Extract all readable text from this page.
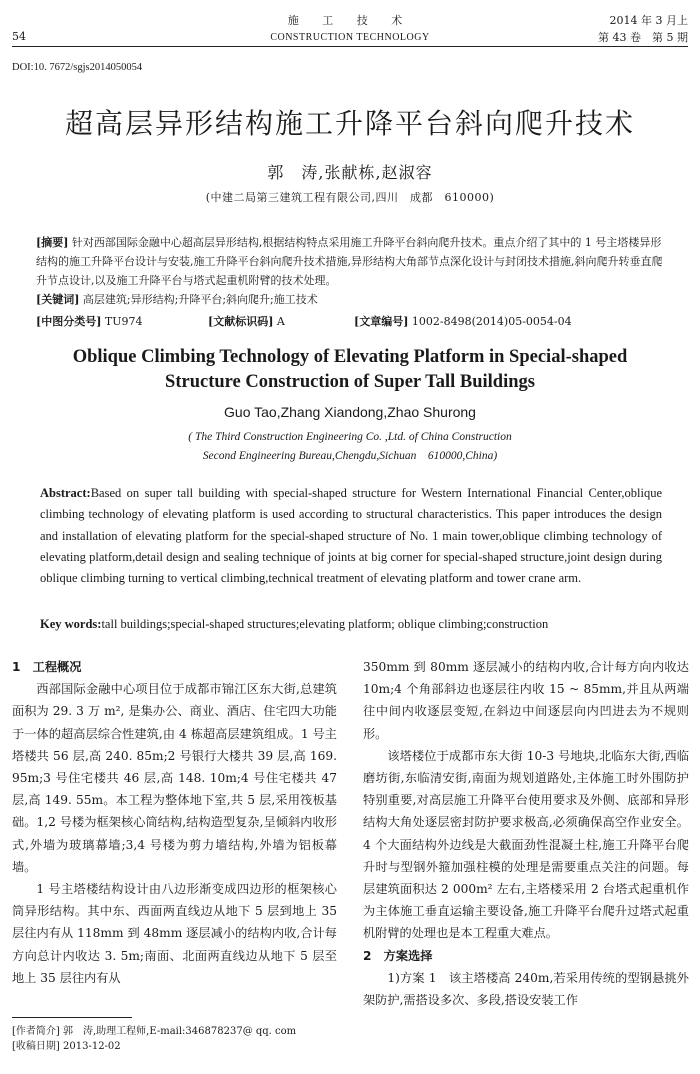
54
施 工 技 术
CONSTRUCTION TECHNOLOGY
2014 年 3 月上
第 43 卷　第 5 期
DOI:10. 7672/sgjs2014050054
超高层异形结构施工升降平台斜向爬升技术
郭　涛,张献栋,赵淑容
(中建二局第三建筑工程有限公司,四川　成都　610000)
[摘要] 针对西部国际金融中心超高层异形结构,根据结构特点采用施工升降平台斜向爬升技术。重点介绍了其中的 1 号主塔楼异形结构的施工升降平台设计与安装,施工升降平台斜向爬升技术措施,异形结构大角部节点深化设计与封闭技术措施,斜向爬升转垂直爬升节点设计,以及施工升降平台与塔式起重机附臂的技术处理。
[关键词] 高层建筑;异形结构;升降平台;斜向爬升;施工技术
[中图分类号] TU974	[文献标识码] A	[文章编号] 1002-8498(2014)05-0054-04
Oblique Climbing Technology of Elevating Platform in Special-shaped Structure Construction of Super Tall Buildings
Guo Tao,Zhang Xiandong,Zhao Shurong
( The Third Construction Engineering Co. ,Ltd. of China Construction
Second Engineering Bureau,Chengdu,Sichuan　610000,China)
Abstract:Based on super tall building with special-shaped structure for Western International Financial Center,oblique climbing technology of elevating platform is used according to structural characteristics. This paper introduces the design and installation of elevating platform for the special-shaped structure of No. 1 main tower,oblique climbing technology of elevating platform,detail design and sealing technique of joints at big corner for special-shaped structure,joint design during oblique climbing turning to vertical climbing,technical treatment of elevating platform and tower crane arm.
Key words:tall buildings;special-shaped structures;elevating platform; oblique climbing;construction
1　工程概况

西部国际金融中心项目位于成都市锦江区东大街,总建筑面积为 29. 3 万 m², 是集办公、商业、酒店、住宅四大功能于一体的超高层综合性建筑,由 4 栋超高层建筑组成。1 号主塔楼共 56 层,高 240. 85m;2 号银行大楼共 39 层,高 169. 95m;3 号住宅楼共 46 层,高 148. 10m;4 号住宅楼共 47 层,高 149. 55m。本工程为整体地下室,共 5 层,采用筏板基础。1,2 号楼为框架核心筒结构,结构造型复杂,呈倾斜内收形式,外墙为玻璃幕墙;3,4 号楼为剪力墙结构,外墙为铝板幕墙。

1 号主塔楼结构设计由八边形渐变成四边形的框架核心筒异形结构。其中东、西面两直线边从地下 5 层到地上 35 层往内有从 118mm 到 48mm 逐层减小的结构内收,合计每方向总计内收达 3. 5m;南面、北面两直线边从地下 5 层至地上 35 层往内有从

350mm 到 80mm 逐层减小的结构内收,合计每方向内收达 10m;4 个角部斜边也逐层往内收 15 ~ 85mm,并且从两端往中间内收逐层变短,在斜边中间逐层向内凹进去为不规则形。

该塔楼位于成都市东大街 10-3 号地块,北临东大街,西临磨坊街,东临清安街,南面为规划道路处,主体施工时外围防护特别重要,对高层施工升降平台使用要求及外侧、底部和异形结构大角处逐层密封防护要求极高,必须确保高空作业安全。4 个大面结构外边线是大截面劲性混凝土柱,施工升降平台爬升时与型钢外箍加强柱模的处理是需要重点关注的问题。每层建筑面积达 2 000m² 左右,主塔楼采用 2 台塔式起重机作为主体施工垂直运输主要设备,施工升降平台爬升过塔式起重机附臂的处理也是本工程重大难点。

2　方案选择

1)方案 1　该主塔楼高 240m,若采用传统的型钢悬挑外架防护,需搭设多次、多段,搭设安装工作

[作者简介] 郭　涛,助理工程师,E-mail:346878237@ qq. com
[收稿日期] 2013-12-02
